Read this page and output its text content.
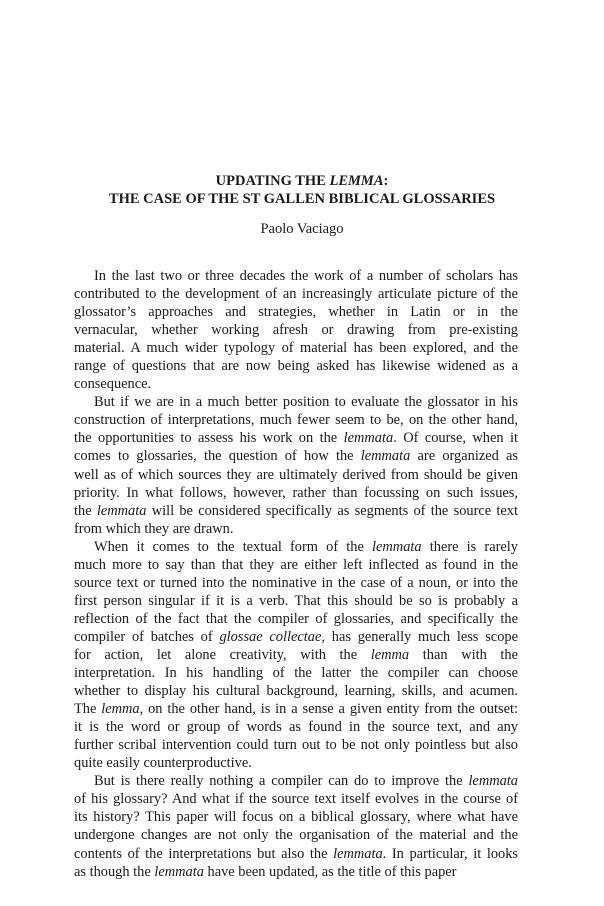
UPDATING THE LEMMA:
THE CASE OF THE ST GALLEN BIBLICAL GLOSSARIES
Paolo Vaciago
In the last two or three decades the work of a number of scholars has
contributed to the development of an increasingly articulate picture of the
glossator’s approaches and strategies, whether in Latin or in the
vernacular, whether working afresh or drawing from pre-existing
material. A much wider typology of material has been explored, and the
range of questions that are now being asked has likewise widened as a
consequence.
But if we are in a much better position to evaluate the glossator in his
construction of interpretations, much fewer seem to be, on the other hand,
the opportunities to assess his work on the lemmata. Of course, when it
comes to glossaries, the question of how the lemmata are organized as
well as of which sources they are ultimately derived from should be given
priority. In what follows, however, rather than focussing on such issues,
the lemmata will be considered specifically as segments of the source text
from which they are drawn.
When it comes to the textual form of the lemmata there is rarely
much more to say than that they are either left inflected as found in the
source text or turned into the nominative in the case of a noun, or into the
first person singular if it is a verb. That this should be so is probably a
reflection of the fact that the compiler of glossaries, and specifically the
compiler of batches of glossae collectae, has generally much less scope
for action, let alone creativity, with the lemma than with the
interpretation. In his handling of the latter the compiler can choose
whether to display his cultural background, learning, skills, and acumen.
The lemma, on the other hand, is in a sense a given entity from the outset:
it is the word or group of words as found in the source text, and any
further scribal intervention could turn out to be not only pointless but also
quite easily counterproductive.
But is there really nothing a compiler can do to improve the lemmata
of his glossary? And what if the source text itself evolves in the course of
its history? This paper will focus on a biblical glossary, where what have
undergone changes are not only the organisation of the material and the
contents of the interpretations but also the lemmata. In particular, it looks
as though the lemmata have been updated, as the title of this paper
